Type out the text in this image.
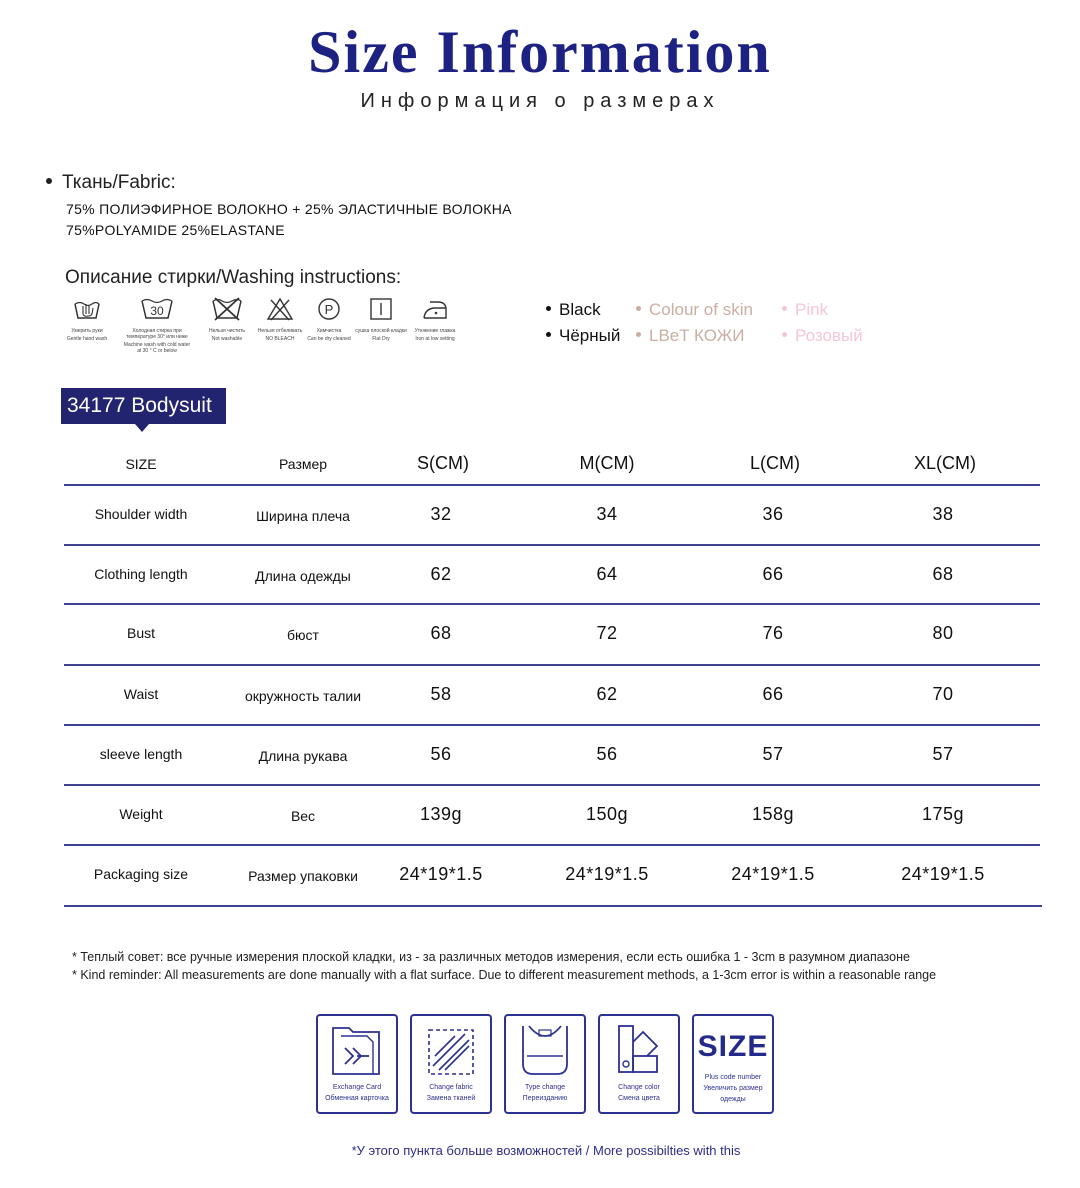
Size Information
Информация о размерах
Ткань/Fabric:
75% ПОЛИЭФИРНОЕ ВОЛОКНО + 25% ЭЛАСТИЧНЫЕ ВОЛОКНА
75%POLYAMIDE 25%ELASTANE
Описание стирки/Washing instructions:
Умерить руки
Gentle hand wash
30
Холодная стирка при температуре 30° или ниже
Machine wash with cold water at 30 ° C or below
Нельзя чистить
Not washable
Нельзя отбеливать
NO BLEACH
P
Химчистка
Can be dry cleaned
сушка плоской кладки
Flat Dry
Утюжение глажка
Iron at low setting
Black	Colour of skin	Pink
Чёрный	LBeT КОЖИ	Розовый
34177 Bodysuit
SIZE	Размер	S(CM)	M(CM)	L(CM)	XL(CM)
Shoulder width	Ширина плеча	32	34	36	38
Clothing length	Длина одежды	62	64	66	68
Bust	бюст	68	72	76	80
Waist	окружность талии	58	62	66	70
sleeve length	Длина рукава	56	56	57	57
Weight	Вес	139g	150g	158g	175g
Packaging size	Размер упаковки	24*19*1.5	24*19*1.5	24*19*1.5	24*19*1.5
* Теплый совет: все ручные измерения плоской кладки, из - за различных методов измерения, если есть ошибка 1 - 3cm в разумном диапазоне
* Kind reminder: All measurements are done manually with a flat surface. Due to different measurement methods, a 1-3cm error is within a reasonable range
Exchange Card
Обменная карточка
Change fabric
Замена тканей
Type change
Переизданию
Change color
Смена цвета
SIZE
Plus code number
Увеличить размер одежды
*У этого пункта больше возможностей / More possibilties with this
